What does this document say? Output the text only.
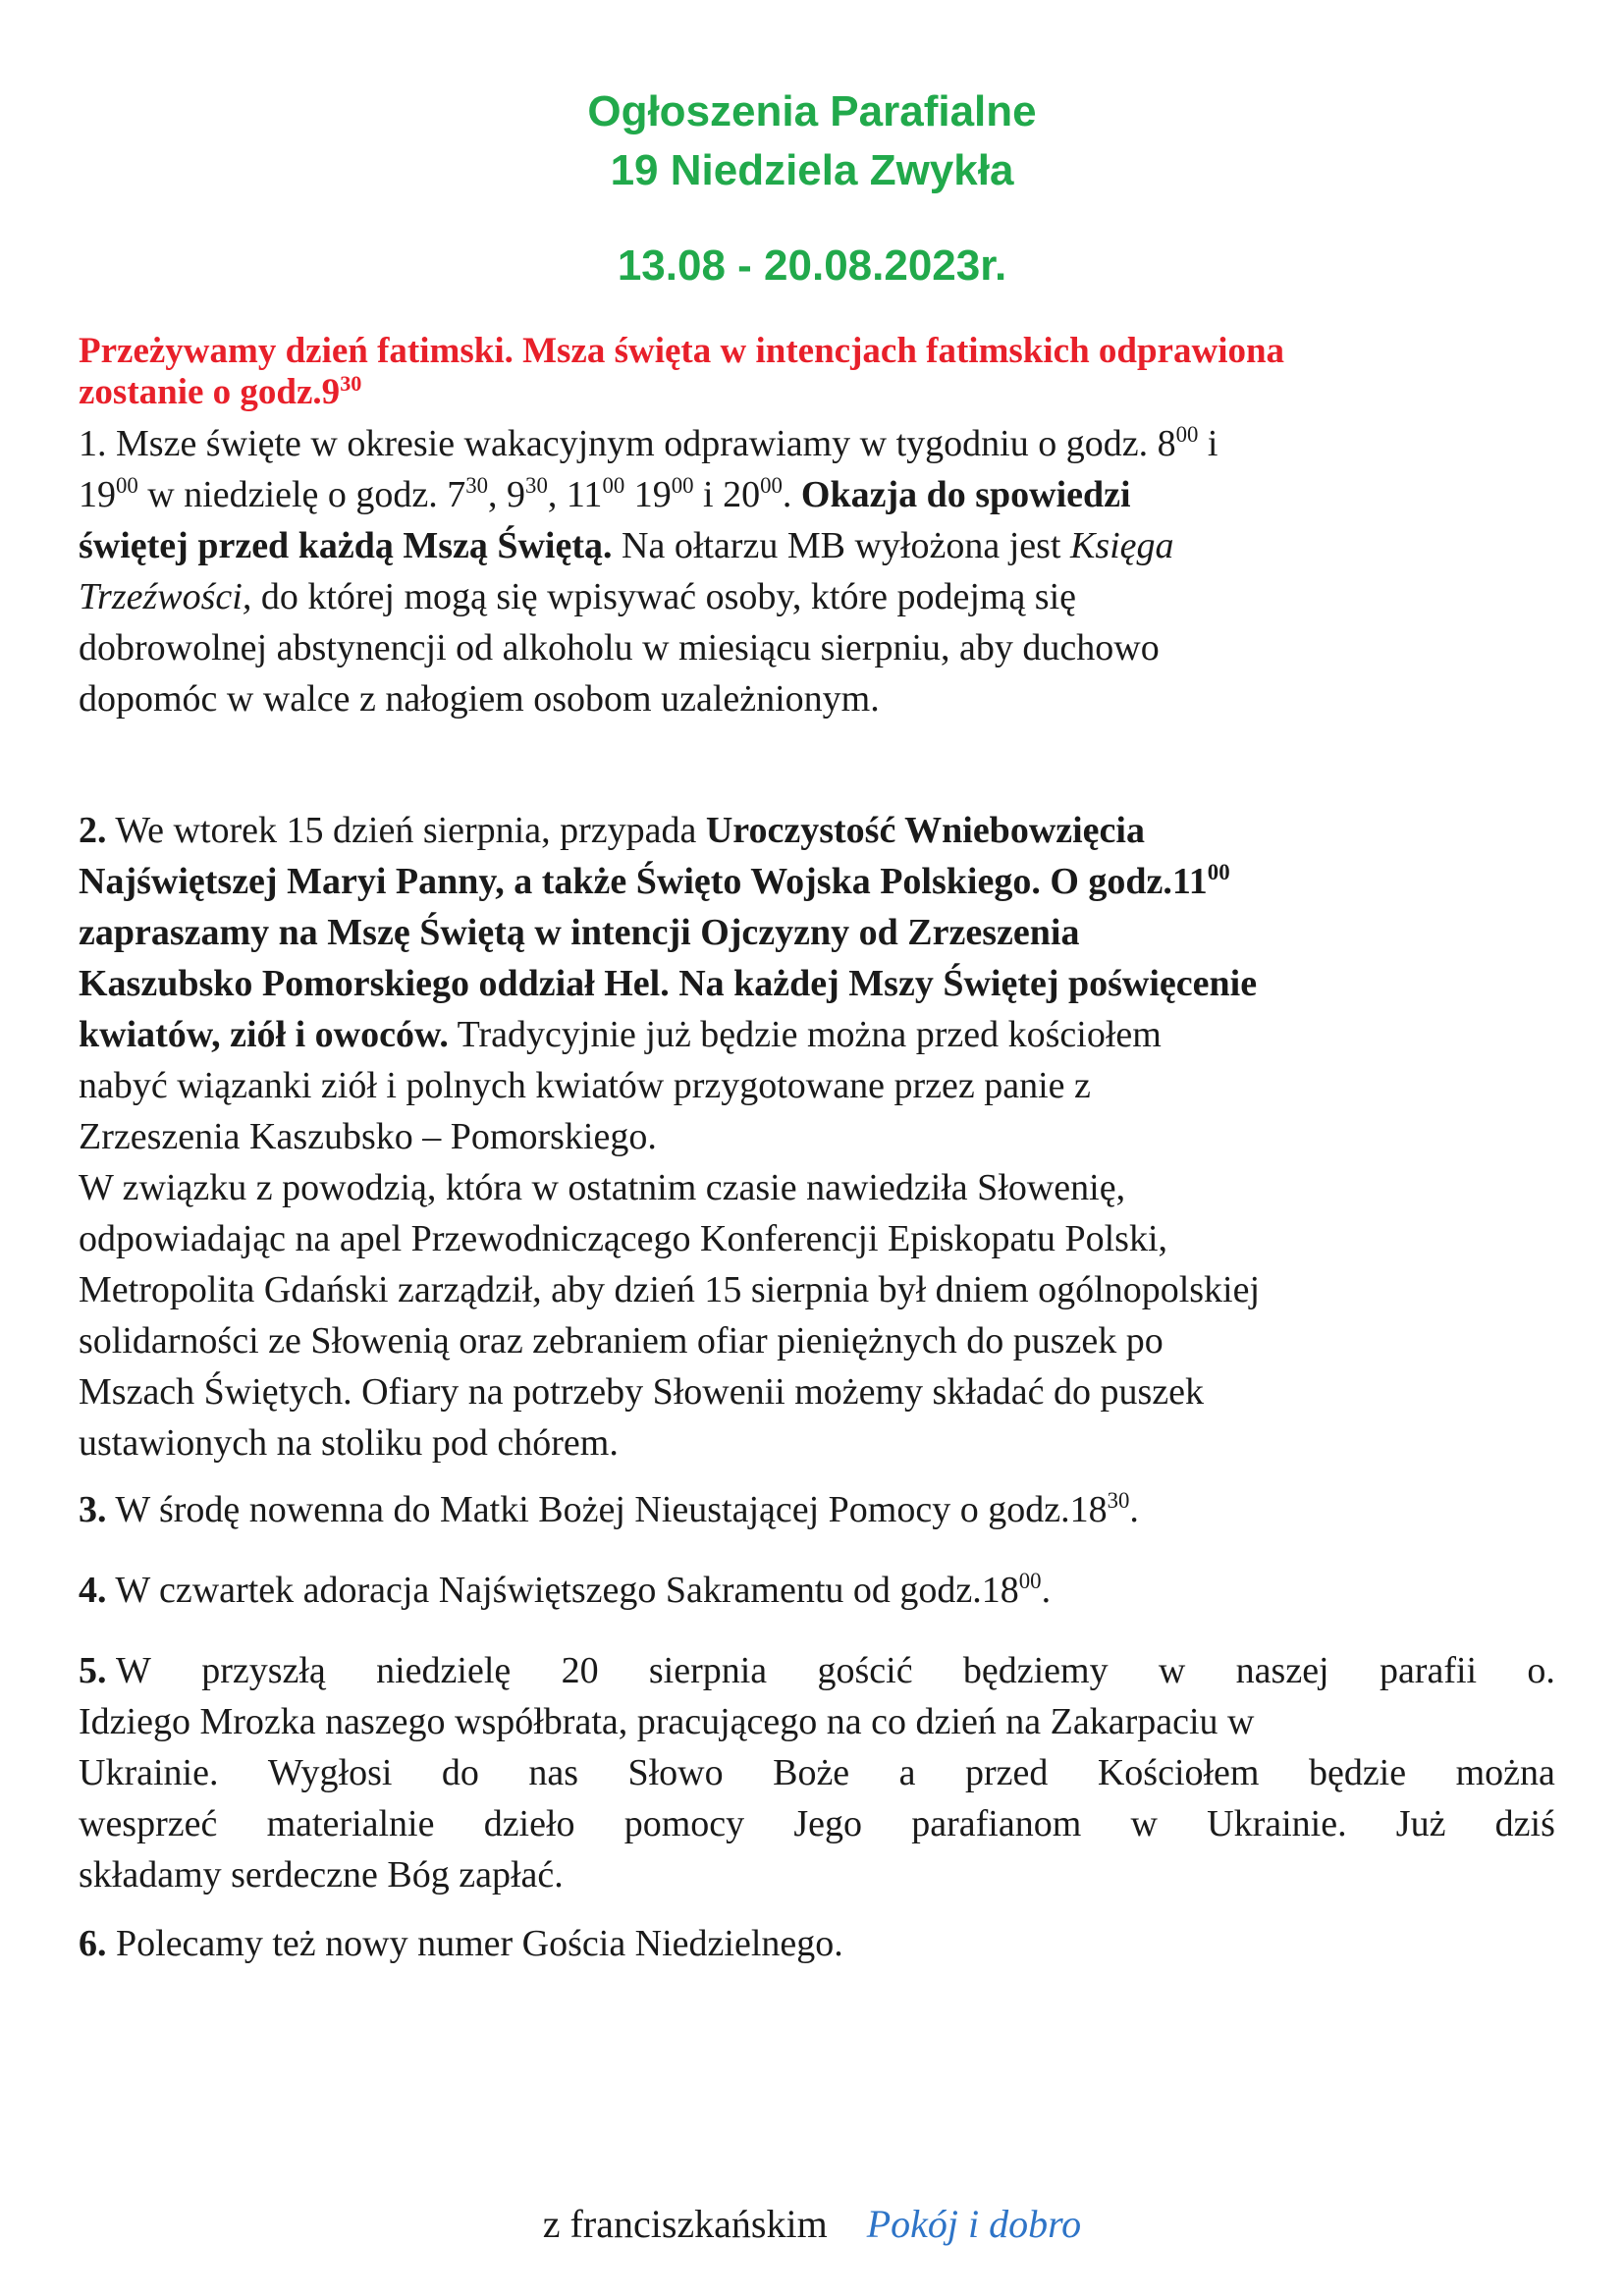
Ogłoszenia Parafialne
19 Niedziela Zwykła
13.08 - 20.08.2023r.
Przeżywamy dzień fatimski. Msza święta w intencjach fatimskich odprawiona
zostanie o $godz.9^{30}$
1. Msze święte w okresie wakacyjnym odprawiamy w tygodniu o godz. $8^{00}$ i
$19^{00}$ w niedzielę o godz. $7^{30}$, $9^{30}$, $11^{00}$ $19^{00}$ i $20^{00}$. Okazja do spowiedzi
świętej przed każdą Mszą Świętą. Na ołtarzu MB wyłożona jest Księga
Trzeźwości, do której mogą się wpisywać osoby, które podejmą się
dobrowolnej abstynencji od alkoholu w miesiącu sierpniu, aby duchowo
dopomóc w walce z nałogiem osobom uzależnionym.
2. We wtorek 15 dzień sierpnia, przypada Uroczystość Wniebowzięcia
Najświętszej Maryi Panny, a także Święto Wojska Polskiego. O $godz.11^{00}$
zapraszamy na Mszę Świętą w intencji Ojczyzny od Zrzeszenia
Kaszubsko Pomorskiego oddział Hel. Na każdej Mszy Świętej poświęcenie
kwiatów, ziół i owoców. Tradycyjnie już będzie można przed kościołem
nabyć wiązanki ziół i polnych kwiatów przygotowane przez panie z
Zrzeszenia Kaszubsko – Pomorskiego.
W związku z powodzią, która w ostatnim czasie nawiedziła Słowenię,
odpowiadając na apel Przewodniczącego Konferencji Episkopatu Polski,
Metropolita Gdański zarządził, aby dzień 15 sierpnia był dniem ogólnopolskiej
solidarności ze Słowenią oraz zebraniem ofiar pieniężnych do puszek po
Mszach Świętych. Ofiary na potrzeby Słowenii możemy składać do puszek
ustawionych na stoliku pod chórem.
3. W środę nowenna do Matki Bożej Nieustającej Pomocy o $godz.18^{30}$.
4. W czwartek adoracja Najświętszego Sakramentu od $godz.18^{00}$.
5. W przyszłą niedzielę 20 sierpnia gościć będziemy w naszej parafii o.
Idziego Mrozka naszego współbrata, pracującego na co dzień na Zakarpaciu w
Ukrainie. Wygłosi do nas Słowo Boże a przed Kościołem będzie można
wesprzeć materialnie dzieło pomocy Jego parafianom w Ukrainie. Już dziś
składamy serdeczne Bóg zapłać.
6. Polecamy też nowy numer Gościa Niedzielnego.
z franciszkańskim Pokój i dobro
